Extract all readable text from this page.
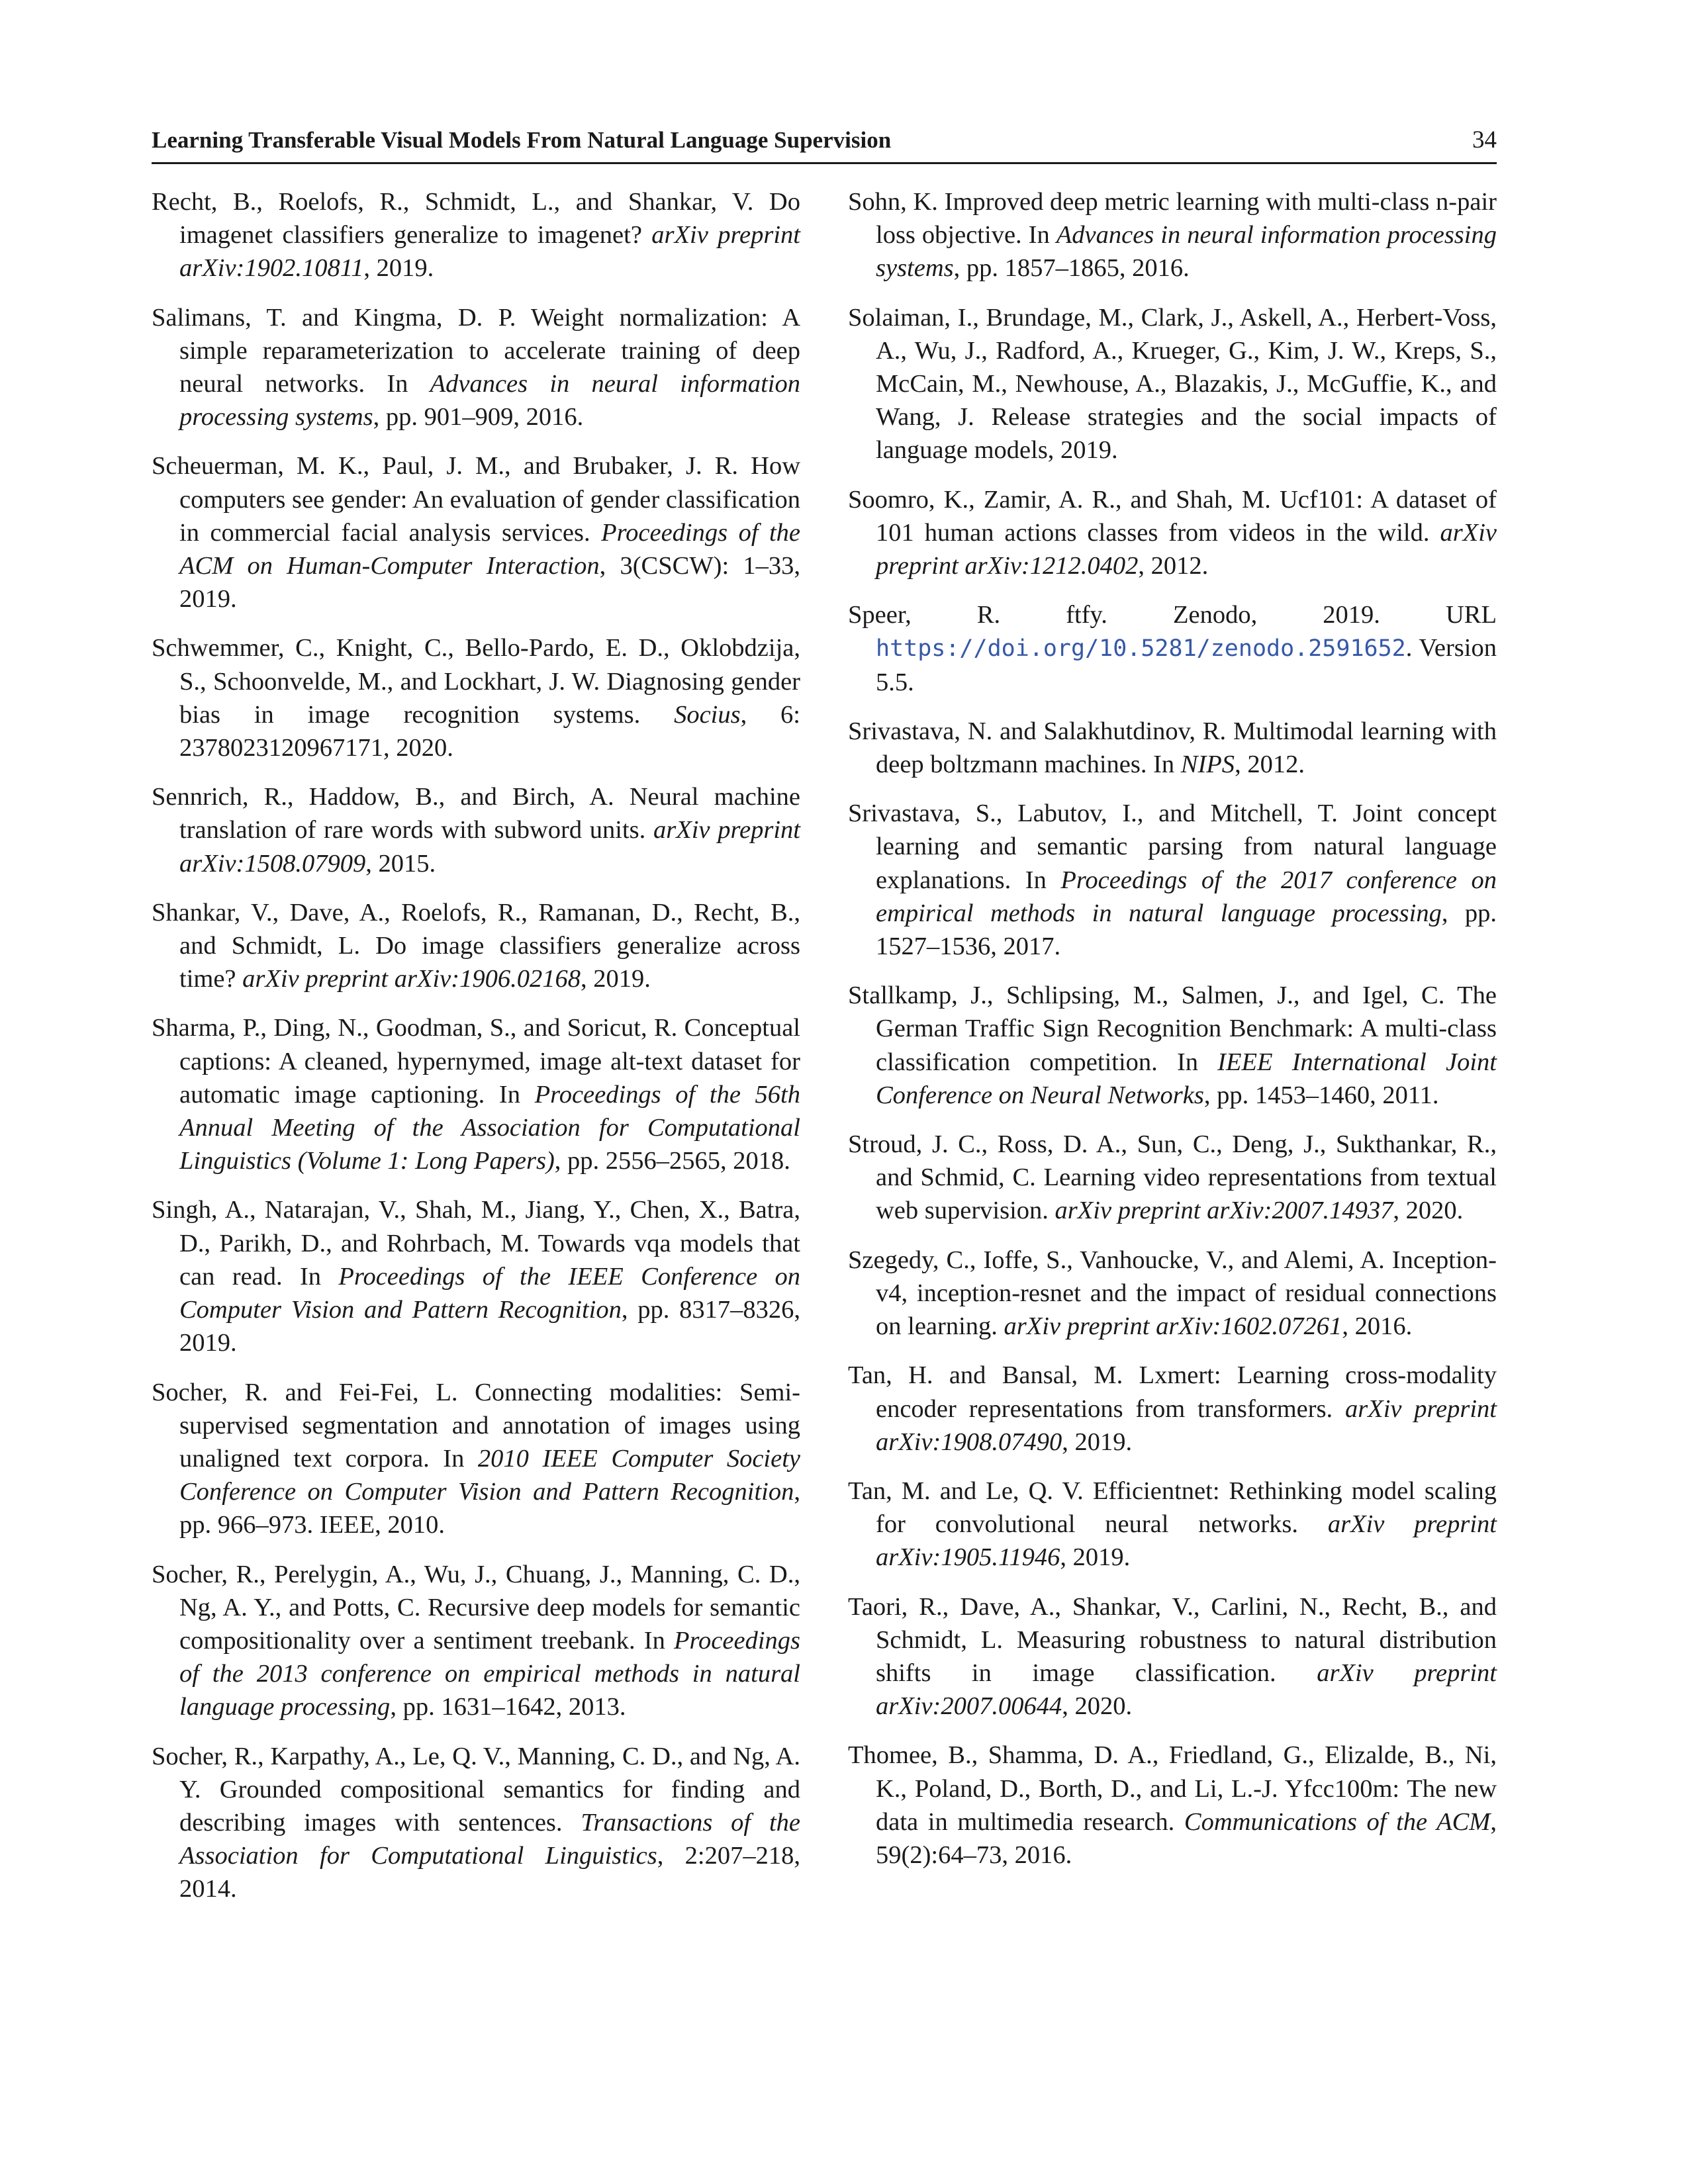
Learning Transferable Visual Models From Natural Language Supervision	34

Recht, B., Roelofs, R., Schmidt, L., and Shankar, V. Do imagenet classifiers generalize to imagenet? arXiv preprint arXiv:1902.10811, 2019.

Salimans, T. and Kingma, D. P. Weight normalization: A simple reparameterization to accelerate training of deep neural networks. In Advances in neural information processing systems, pp. 901–909, 2016.

Scheuerman, M. K., Paul, J. M., and Brubaker, J. R. How computers see gender: An evaluation of gender classification in commercial facial analysis services. Proceedings of the ACM on Human-Computer Interaction, 3(CSCW): 1–33, 2019.

Schwemmer, C., Knight, C., Bello-Pardo, E. D., Oklobdzija, S., Schoonvelde, M., and Lockhart, J. W. Diagnosing gender bias in image recognition systems. Socius, 6: 2378023120967171, 2020.

Sennrich, R., Haddow, B., and Birch, A. Neural machine translation of rare words with subword units. arXiv preprint arXiv:1508.07909, 2015.

Shankar, V., Dave, A., Roelofs, R., Ramanan, D., Recht, B., and Schmidt, L. Do image classifiers generalize across time? arXiv preprint arXiv:1906.02168, 2019.

Sharma, P., Ding, N., Goodman, S., and Soricut, R. Conceptual captions: A cleaned, hypernymed, image alt-text dataset for automatic image captioning. In Proceedings of the 56th Annual Meeting of the Association for Computational Linguistics (Volume 1: Long Papers), pp. 2556–2565, 2018.

Singh, A., Natarajan, V., Shah, M., Jiang, Y., Chen, X., Batra, D., Parikh, D., and Rohrbach, M. Towards vqa models that can read. In Proceedings of the IEEE Conference on Computer Vision and Pattern Recognition, pp. 8317–8326, 2019.

Socher, R. and Fei-Fei, L. Connecting modalities: Semi-supervised segmentation and annotation of images using unaligned text corpora. In 2010 IEEE Computer Society Conference on Computer Vision and Pattern Recognition, pp. 966–973. IEEE, 2010.

Socher, R., Perelygin, A., Wu, J., Chuang, J., Manning, C. D., Ng, A. Y., and Potts, C. Recursive deep models for semantic compositionality over a sentiment treebank. In Proceedings of the 2013 conference on empirical methods in natural language processing, pp. 1631–1642, 2013.

Socher, R., Karpathy, A., Le, Q. V., Manning, C. D., and Ng, A. Y. Grounded compositional semantics for finding and describing images with sentences. Transactions of the Association for Computational Linguistics, 2:207–218, 2014.

Sohn, K. Improved deep metric learning with multi-class n-pair loss objective. In Advances in neural information processing systems, pp. 1857–1865, 2016.

Solaiman, I., Brundage, M., Clark, J., Askell, A., Herbert-Voss, A., Wu, J., Radford, A., Krueger, G., Kim, J. W., Kreps, S., McCain, M., Newhouse, A., Blazakis, J., McGuffie, K., and Wang, J. Release strategies and the social impacts of language models, 2019.

Soomro, K., Zamir, A. R., and Shah, M. Ucf101: A dataset of 101 human actions classes from videos in the wild. arXiv preprint arXiv:1212.0402, 2012.

Speer, R. ftfy. Zenodo, 2019. URL https://doi.org/10.5281/zenodo.2591652. Version 5.5.

Srivastava, N. and Salakhutdinov, R. Multimodal learning with deep boltzmann machines. In NIPS, 2012.

Srivastava, S., Labutov, I., and Mitchell, T. Joint concept learning and semantic parsing from natural language explanations. In Proceedings of the 2017 conference on empirical methods in natural language processing, pp. 1527–1536, 2017.

Stallkamp, J., Schlipsing, M., Salmen, J., and Igel, C. The German Traffic Sign Recognition Benchmark: A multi-class classification competition. In IEEE International Joint Conference on Neural Networks, pp. 1453–1460, 2011.

Stroud, J. C., Ross, D. A., Sun, C., Deng, J., Sukthankar, R., and Schmid, C. Learning video representations from textual web supervision. arXiv preprint arXiv:2007.14937, 2020.

Szegedy, C., Ioffe, S., Vanhoucke, V., and Alemi, A. Inception-v4, inception-resnet and the impact of residual connections on learning. arXiv preprint arXiv:1602.07261, 2016.

Tan, H. and Bansal, M. Lxmert: Learning cross-modality encoder representations from transformers. arXiv preprint arXiv:1908.07490, 2019.

Tan, M. and Le, Q. V. Efficientnet: Rethinking model scaling for convolutional neural networks. arXiv preprint arXiv:1905.11946, 2019.

Taori, R., Dave, A., Shankar, V., Carlini, N., Recht, B., and Schmidt, L. Measuring robustness to natural distribution shifts in image classification. arXiv preprint arXiv:2007.00644, 2020.

Thomee, B., Shamma, D. A., Friedland, G., Elizalde, B., Ni, K., Poland, D., Borth, D., and Li, L.-J. Yfcc100m: The new data in multimedia research. Communications of the ACM, 59(2):64–73, 2016.
